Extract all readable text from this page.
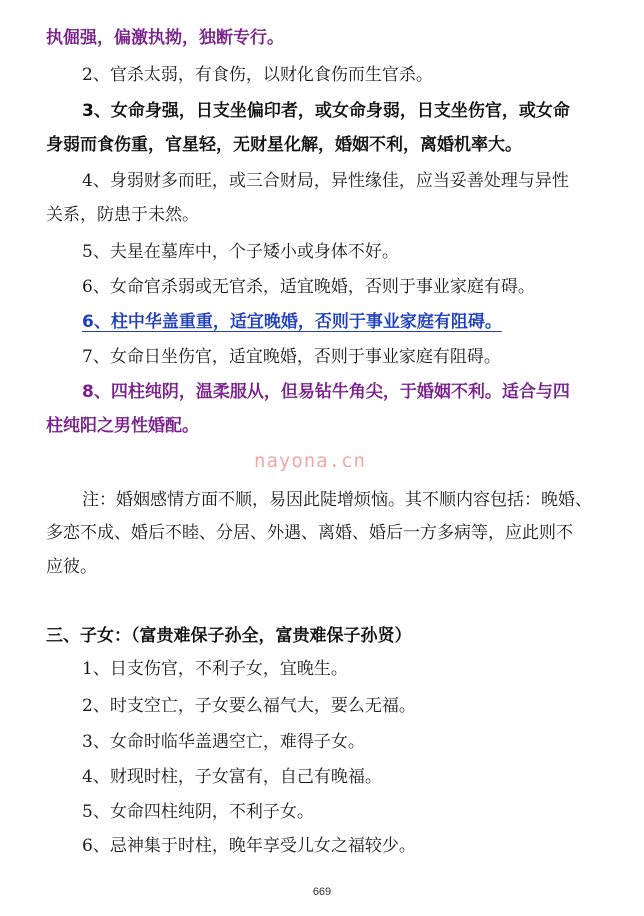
执倔强，偏激执拗，独断专行。
2、官杀太弱，有食伤，以财化食伤而生官杀。
3、女命身强，日支坐偏印者，或女命身弱，日支坐伤官，或女命
身弱而食伤重，官星轻，无财星化解，婚姻不利，离婚机率大。
4、身弱财多而旺，或三合财局，异性缘佳，应当妥善处理与异性
关系，防患于未然。
5、夫星在墓库中，个子矮小或身体不好。
6、女命官杀弱或无官杀，适宜晚婚，否则于事业家庭有碍。
6、柱中华盖重重，适宜晚婚，否则于事业家庭有阻碍。
7、女命日坐伤官，适宜晚婚，否则于事业家庭有阻碍。
8、四柱纯阴，温柔服从，但易钻牛角尖，于婚姻不利。适合与四
柱纯阳之男性婚配。
nayona.cn
注：婚姻感情方面不顺，易因此陡增烦恼。其不顺内容包括：晚婚、
多恋不成、婚后不睦、分居、外遇、离婚、婚后一方多病等，应此则不
应彼。
三、子女：（富贵难保子孙全，富贵难保子孙贤）
1、日支伤官，不利子女，宜晚生。
2、时支空亡，子女要么福气大，要么无福。
3、女命时临华盖遇空亡，难得子女。
4、财现时柱，子女富有，自己有晚福。
5、女命四柱纯阴，不利子女。
6、忌神集于时柱，晚年享受儿女之福较少。
669
